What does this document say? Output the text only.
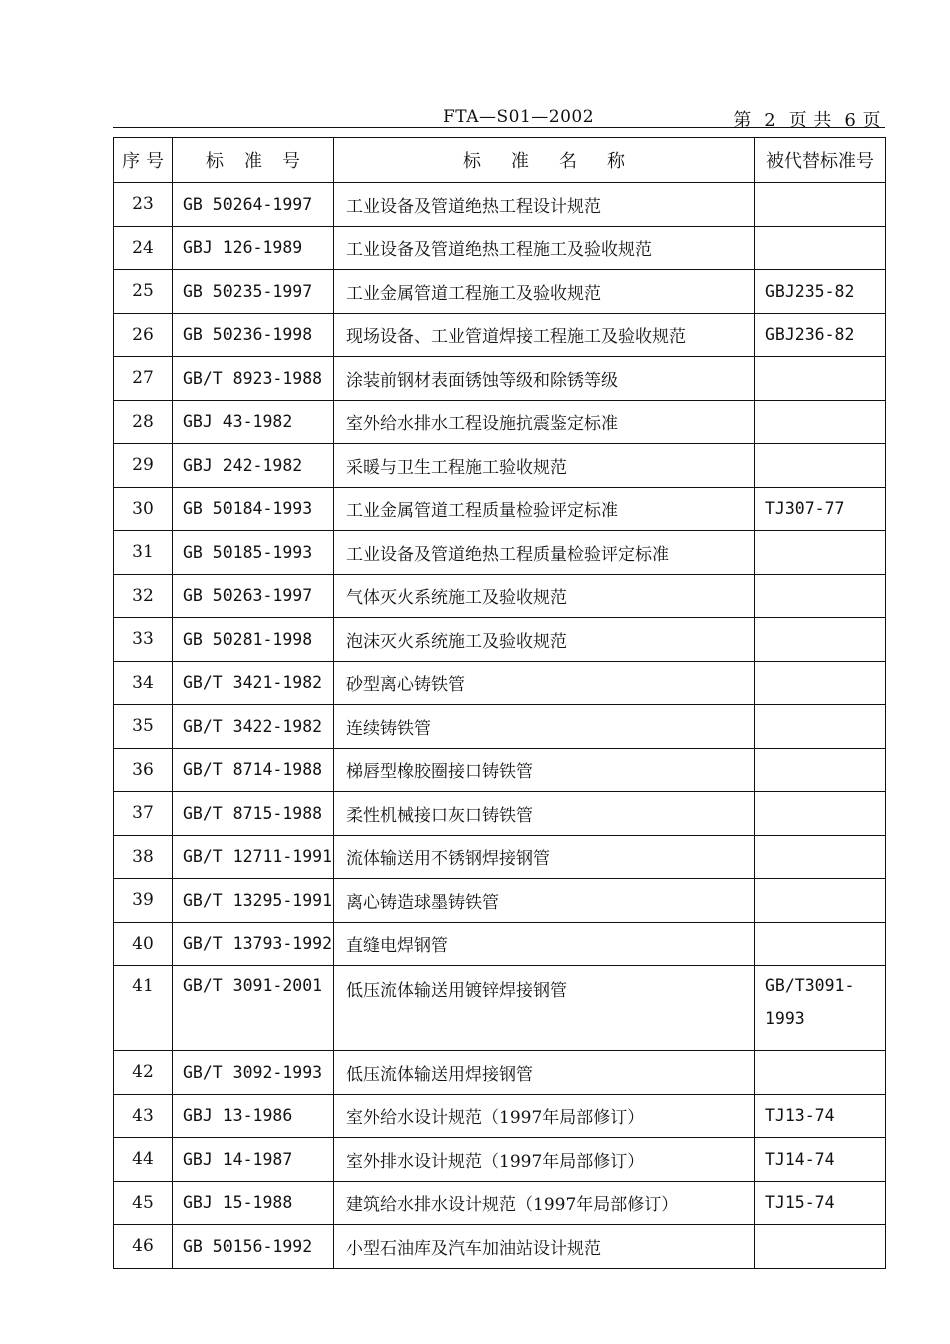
FTA—S01—2002	第  2  页 共  6 页
序号	标准号	标准名称	被代替标准号
23	GB 50264-1997	工业设备及管道绝热工程设计规范	
24	GBJ 126-1989	工业设备及管道绝热工程施工及验收规范	
25	GB 50235-1997	工业金属管道工程施工及验收规范	GBJ235-82
26	GB 50236-1998	现场设备、工业管道焊接工程施工及验收规范	GBJ236-82
27	GB/T 8923-1988	涂装前钢材表面锈蚀等级和除锈等级	
28	GBJ 43-1982	室外给水排水工程设施抗震鉴定标准	
29	GBJ 242-1982	采暖与卫生工程施工验收规范	
30	GB 50184-1993	工业金属管道工程质量检验评定标准	TJ307-77
31	GB 50185-1993	工业设备及管道绝热工程质量检验评定标准	
32	GB 50263-1997	气体灭火系统施工及验收规范	
33	GB 50281-1998	泡沫灭火系统施工及验收规范	
34	GB/T 3421-1982	砂型离心铸铁管	
35	GB/T 3422-1982	连续铸铁管	
36	GB/T 8714-1988	梯唇型橡胶圈接口铸铁管	
37	GB/T 8715-1988	柔性机械接口灰口铸铁管	
38	GB/T 12711-1991	流体输送用不锈钢焊接钢管	
39	GB/T 13295-1991	离心铸造球墨铸铁管	
40	GB/T 13793-1992	直缝电焊钢管	
41	GB/T 3091-2001	低压流体输送用镀锌焊接钢管	GB/T3091-
1993
42	GB/T 3092-1993	低压流体输送用焊接钢管	
43	GBJ 13-1986	室外给水设计规范（1997年局部修订）	TJ13-74
44	GBJ 14-1987	室外排水设计规范（1997年局部修订）	TJ14-74
45	GBJ 15-1988	建筑给水排水设计规范（1997年局部修订）	TJ15-74
46	GB 50156-1992	小型石油库及汽车加油站设计规范	
